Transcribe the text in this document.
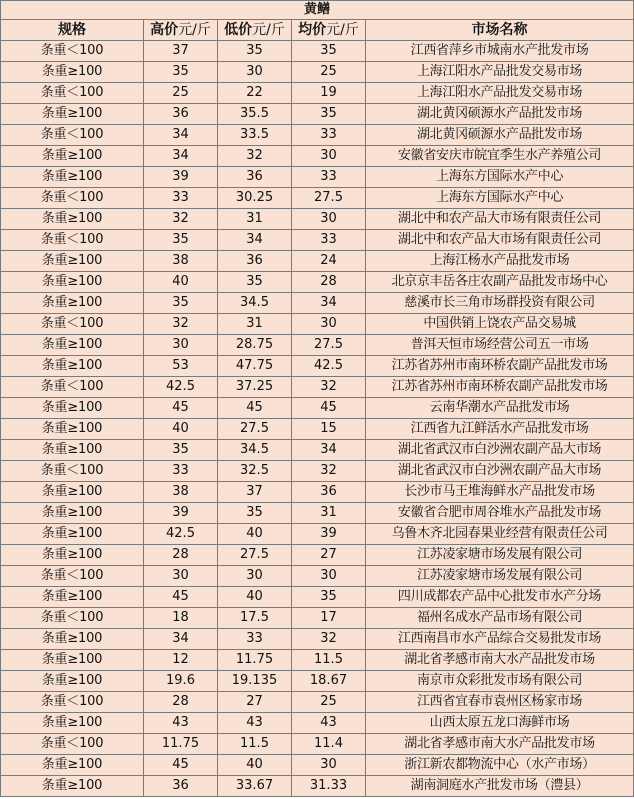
黄鳝				
规格	高价元/斤	低价元/斤	均价元/斤	市场名称
条重＜100	37	35	35	江西省萍乡市城南水产批发市场
条重≥100	35	30	25	上海江阳水产品批发交易市场
条重＜100	25	22	19	上海江阳水产品批发交易市场
条重≥100	36	35.5	35	湖北黄冈硕源水产品批发市场
条重＜100	34	33.5	33	湖北黄冈硕源水产品批发市场
条重≥100	34	32	30	安徽省安庆市皖宜季生水产养殖公司
条重≥100	39	36	33	上海东方国际水产中心
条重＜100	33	30.25	27.5	上海东方国际水产中心
条重≥100	32	31	30	湖北中和农产品大市场有限责任公司
条重＜100	35	34	33	湖北中和农产品大市场有限责任公司
条重≥100	38	36	24	上海江杨水产品批发市场
条重≥100	40	35	28	北京京丰岳各庄农副产品批发市场中心
条重≥100	35	34.5	34	慈溪市长三角市场群投资有限公司
条重＜100	32	31	30	中国供销上饶农产品交易城
条重≥100	30	28.75	27.5	普洱天恒市场经营公司五一市场
条重≥100	53	47.75	42.5	江苏省苏州市南环桥农副产品批发市场
条重＜100	42.5	37.25	32	江苏省苏州市南环桥农副产品批发市场
条重≥100	45	45	45	云南华潮水产品批发市场
条重≥100	40	27.5	15	江西省九江鲜活水产品批发市场
条重≥100	35	34.5	34	湖北省武汉市白沙洲农副产品大市场
条重＜100	33	32.5	32	湖北省武汉市白沙洲农副产品大市场
条重≥100	38	37	36	长沙市马王堆海鲜水产品批发市场
条重≥100	39	35	31	安徽省合肥市周谷堆水产品批发市场
条重≥100	42.5	40	39	乌鲁木齐北园春果业经营有限责任公司
条重≥100	28	27.5	27	江苏凌家塘市场发展有限公司
条重＜100	30	30	30	江苏凌家塘市场发展有限公司
条重≥100	45	40	35	四川成都农产品中心批发市水产分场
条重＜100	18	17.5	17	福州名成水产品市场有限公司
条重≥100	34	33	32	江西南昌市水产品综合交易批发市场
条重≥100	12	11.75	11.5	湖北省孝感市南大水产品批发市场
条重≥100	19.6	19.135	18.67	南京市众彩批发市场有限公司
条重＜100	28	27	25	江西省宜春市袁州区杨家市场
条重≥100	43	43	43	山西太原五龙口海鲜市场
条重＜100	11.75	11.5	11.4	湖北省孝感市南大水产品批发市场
条重≥100	45	40	30	浙江新农都物流中心（水产市场）
条重≥100	36	33.67	31.33	湖南洞庭水产批发市场（澧县）
